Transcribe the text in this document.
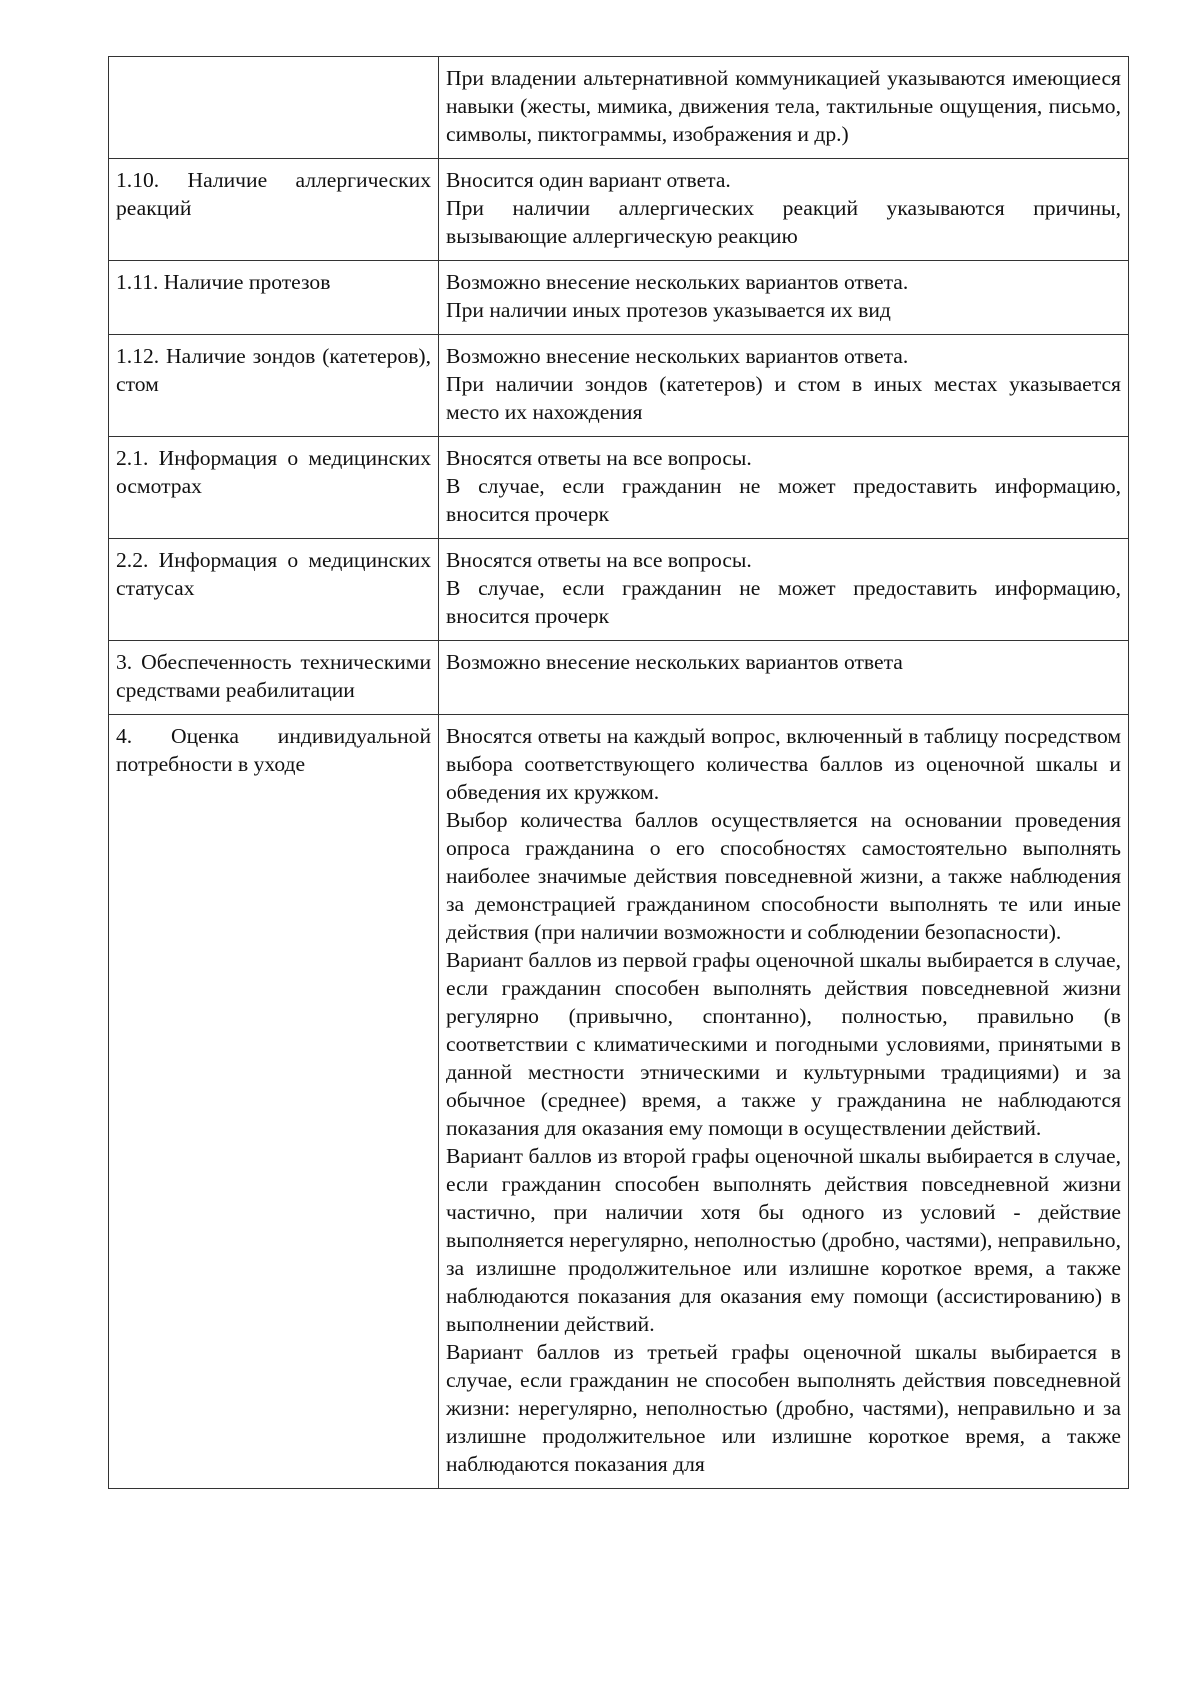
	При владении альтернативной коммуникацией указываются имеющиеся навыки (жесты, мимика, движения тела, тактильные ощущения, письмо, символы, пиктограммы, изображения и др.)

1.10. Наличие аллергических реакций	Вносится один вариант ответа.
При наличии аллергических реакций указываются причины, вызывающие аллергическую реакцию

1.11. Наличие протезов	Возможно внесение нескольких вариантов ответа.
При наличии иных протезов указывается их вид

1.12. Наличие зондов (катетеров), стом	Возможно внесение нескольких вариантов ответа.
При наличии зондов (катетеров) и стом в иных местах указывается место их нахождения

2.1. Информация о медицинских осмотрах	Вносятся ответы на все вопросы.
В случае, если гражданин не может предоставить информацию, вносится прочерк

2.2. Информация о медицинских статусах	Вносятся ответы на все вопросы.
В случае, если гражданин не может предоставить информацию, вносится прочерк

3. Обеспеченность техническими средствами реабилитации	Возможно внесение нескольких вариантов ответа

4. Оценка индивидуальной потребности в уходе	Вносятся ответы на каждый вопрос, включенный в таблицу посредством выбора соответствующего количества баллов из оценочной шкалы и обведения их кружком.
Выбор количества баллов осуществляется на основании проведения опроса гражданина о его способностях самостоятельно выполнять наиболее значимые действия повседневной жизни, а также наблюдения за демонстрацией гражданином способности выполнять те или иные действия (при наличии возможности и соблюдении безопасности).
Вариант баллов из первой графы оценочной шкалы выбирается в случае, если гражданин способен выполнять действия повседневной жизни регулярно (привычно, спонтанно), полностью, правильно (в соответствии с климатическими и погодными условиями, принятыми в данной местности этническими и культурными традициями) и за обычное (среднее) время, а также у гражданина не наблюдаются показания для оказания ему помощи в осуществлении действий.
Вариант баллов из второй графы оценочной шкалы выбирается в случае, если гражданин способен выполнять действия повседневной жизни частично, при наличии хотя бы одного из условий - действие выполняется нерегулярно, неполностью (дробно, частями), неправильно, за излишне продолжительное или излишне короткое время, а также наблюдаются показания для оказания ему помощи (ассистированию) в выполнении действий.
Вариант баллов из третьей графы оценочной шкалы выбирается в случае, если гражданин не способен выполнять действия повседневной жизни: нерегулярно, неполностью (дробно, частями), неправильно и за излишне продолжительное или излишне короткое время, а также наблюдаются показания для
